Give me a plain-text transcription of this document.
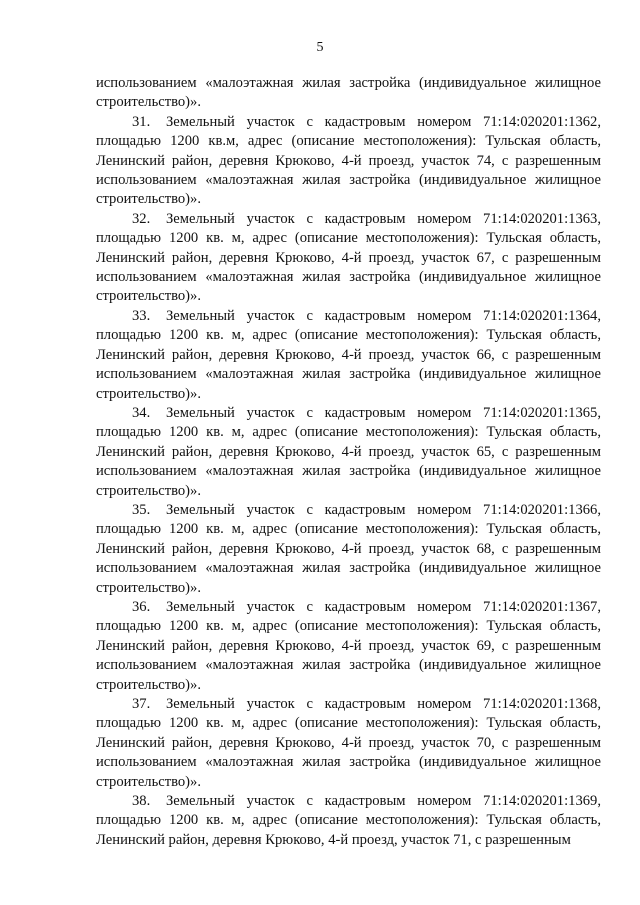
5

использованием «малоэтажная жилая застройка (индивидуальное жилищное строительство)».

31. Земельный участок с кадастровым номером 71:14:020201:1362, площадью 1200 кв.м, адрес (описание местоположения): Тульская область, Ленинский район, деревня Крюково, 4-й проезд, участок 74, с разрешенным использованием «малоэтажная жилая застройка (индивидуальное жилищное строительство)».

32. Земельный участок с кадастровым номером 71:14:020201:1363, площадью 1200 кв. м, адрес (описание местоположения): Тульская область, Ленинский район, деревня Крюково, 4-й проезд, участок 67, с разрешенным использованием «малоэтажная жилая застройка (индивидуальное жилищное строительство)».

33. Земельный участок с кадастровым номером 71:14:020201:1364, площадью 1200 кв. м, адрес (описание местоположения): Тульская область, Ленинский район, деревня Крюково, 4-й проезд, участок 66, с разрешенным использованием «малоэтажная жилая застройка (индивидуальное жилищное строительство)».

34. Земельный участок с кадастровым номером 71:14:020201:1365, площадью 1200 кв. м, адрес (описание местоположения): Тульская область, Ленинский район, деревня Крюково, 4-й проезд, участок 65, с разрешенным использованием «малоэтажная жилая застройка (индивидуальное жилищное строительство)».

35. Земельный участок с кадастровым номером 71:14:020201:1366, площадью 1200 кв. м, адрес (описание местоположения): Тульская область, Ленинский район, деревня Крюково, 4-й проезд, участок 68, с разрешенным использованием «малоэтажная жилая застройка (индивидуальное жилищное строительство)».

36. Земельный участок с кадастровым номером 71:14:020201:1367, площадью 1200 кв. м, адрес (описание местоположения): Тульская область, Ленинский район, деревня Крюково, 4-й проезд, участок 69, с разрешенным использованием «малоэтажная жилая застройка (индивидуальное жилищное строительство)».

37. Земельный участок с кадастровым номером 71:14:020201:1368, площадью 1200 кв. м, адрес (описание местоположения): Тульская область, Ленинский район, деревня Крюково, 4-й проезд, участок 70, с разрешенным использованием «малоэтажная жилая застройка (индивидуальное жилищное строительство)».

38. Земельный участок с кадастровым номером 71:14:020201:1369, площадью 1200 кв. м, адрес (описание местоположения): Тульская область, Ленинский район, деревня Крюково, 4-й проезд, участок 71, с разрешенным
